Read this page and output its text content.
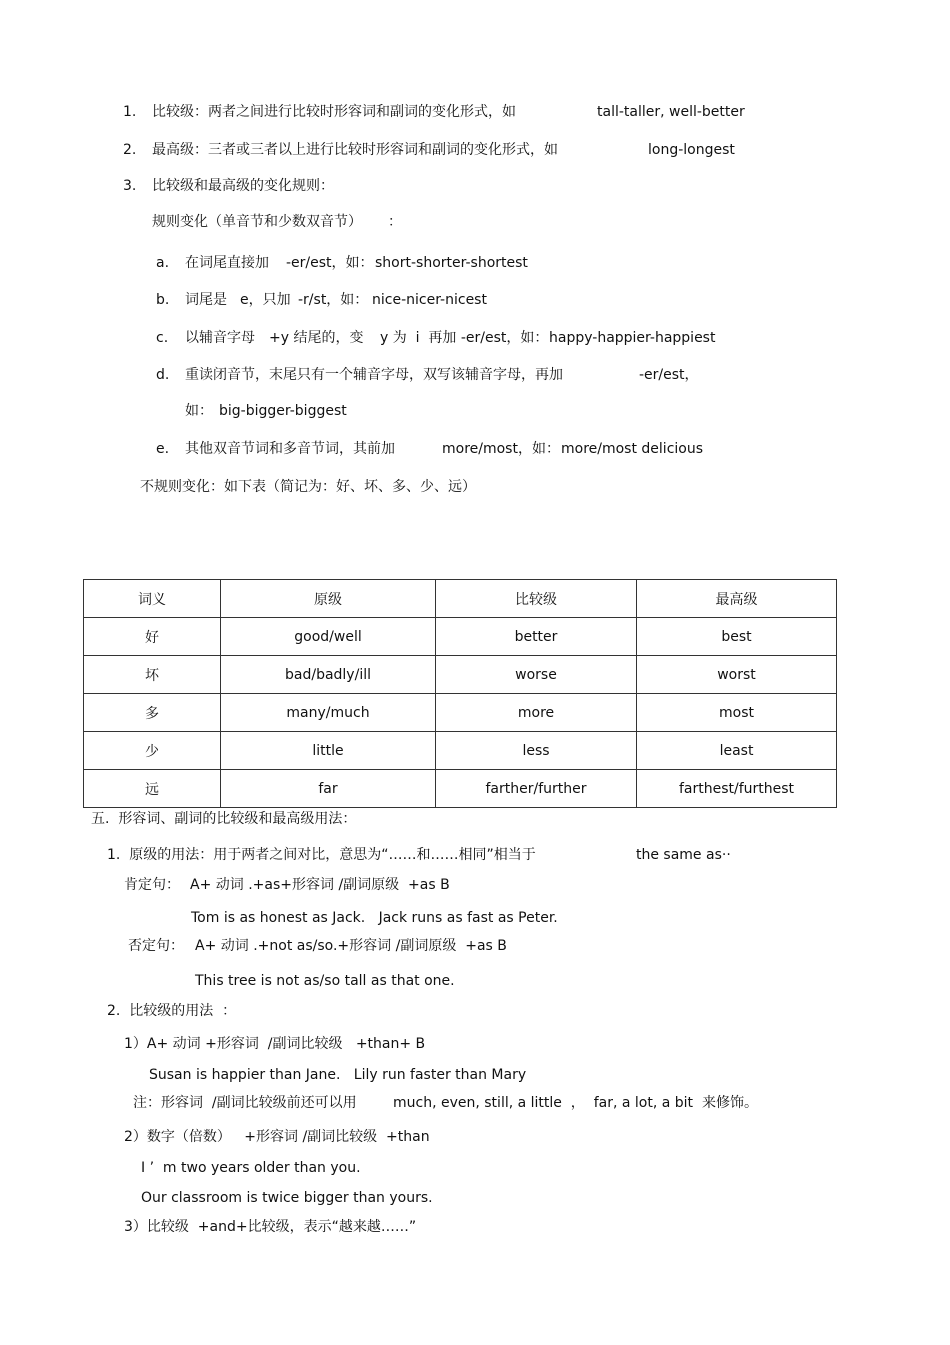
1. 比较级：两者之间进行比较时形容词和副词的变化形式，如	tall-taller, well-better
2. 最高级：三者或三者以上进行比较时形容词和副词的变化形式，如	long-longest
3. 比较级和最高级的变化规则：
规则变化（单音节和少数双音节） ：
a. 在词尾直接加 -er/est，如： short-shorter-shortest
b. 词尾是 e，只加 -r/st，如： nice-nicer-nicest
c. 以辅音字母 +y 结尾的，变 y 为  i  再加 -er/est，如： happy-happier-happiest
d. 重读闭音节，末尾只有一个辅音字母，双写该辅音字母，再加	-er/est，
如： big-bigger-biggest
e. 其他双音节词和多音节词，其前加	more/most，如： more/most delicious
不规则变化：如下表（简记为：好、坏、多、少、远）
词义	原级	比较级	最高级
好	good/well	better	best
坏	bad/badly/ill	worse	worst
多	many/much	more	most
少	little	less	least
远	far	farther/further	farthest/furthest
五.  形容词、副词的比较级和最高级用法：
1.  原级的用法：用于两者之间对比，意思为“……和……相同”相当于	the same as··
肯定句： A+ 动词 .+as+形容词 /副词原级  +as B
Tom is as honest as Jack.   Jack runs as fast as Peter.
否定句： A+ 动词 .+not as/so.+形容词 /副词原级  +as B
This tree is not as/so tall as that one.
2.  比较级的用法  ：
1）A+ 动词 +形容词  /副词比较级   +than+ B
Susan is happier than Jane.   Lily run faster than Mary
注：形容词  /副词比较级前还可以用	much, even, still, a little  ，  far, a lot, a bit  来修饰。
2）数字（倍数）   +形容词 /副词比较级  +than
I ’  m two years older than you.
Our classroom is twice bigger than yours.
3）比较级  +and+比较级，表示“越来越……”
